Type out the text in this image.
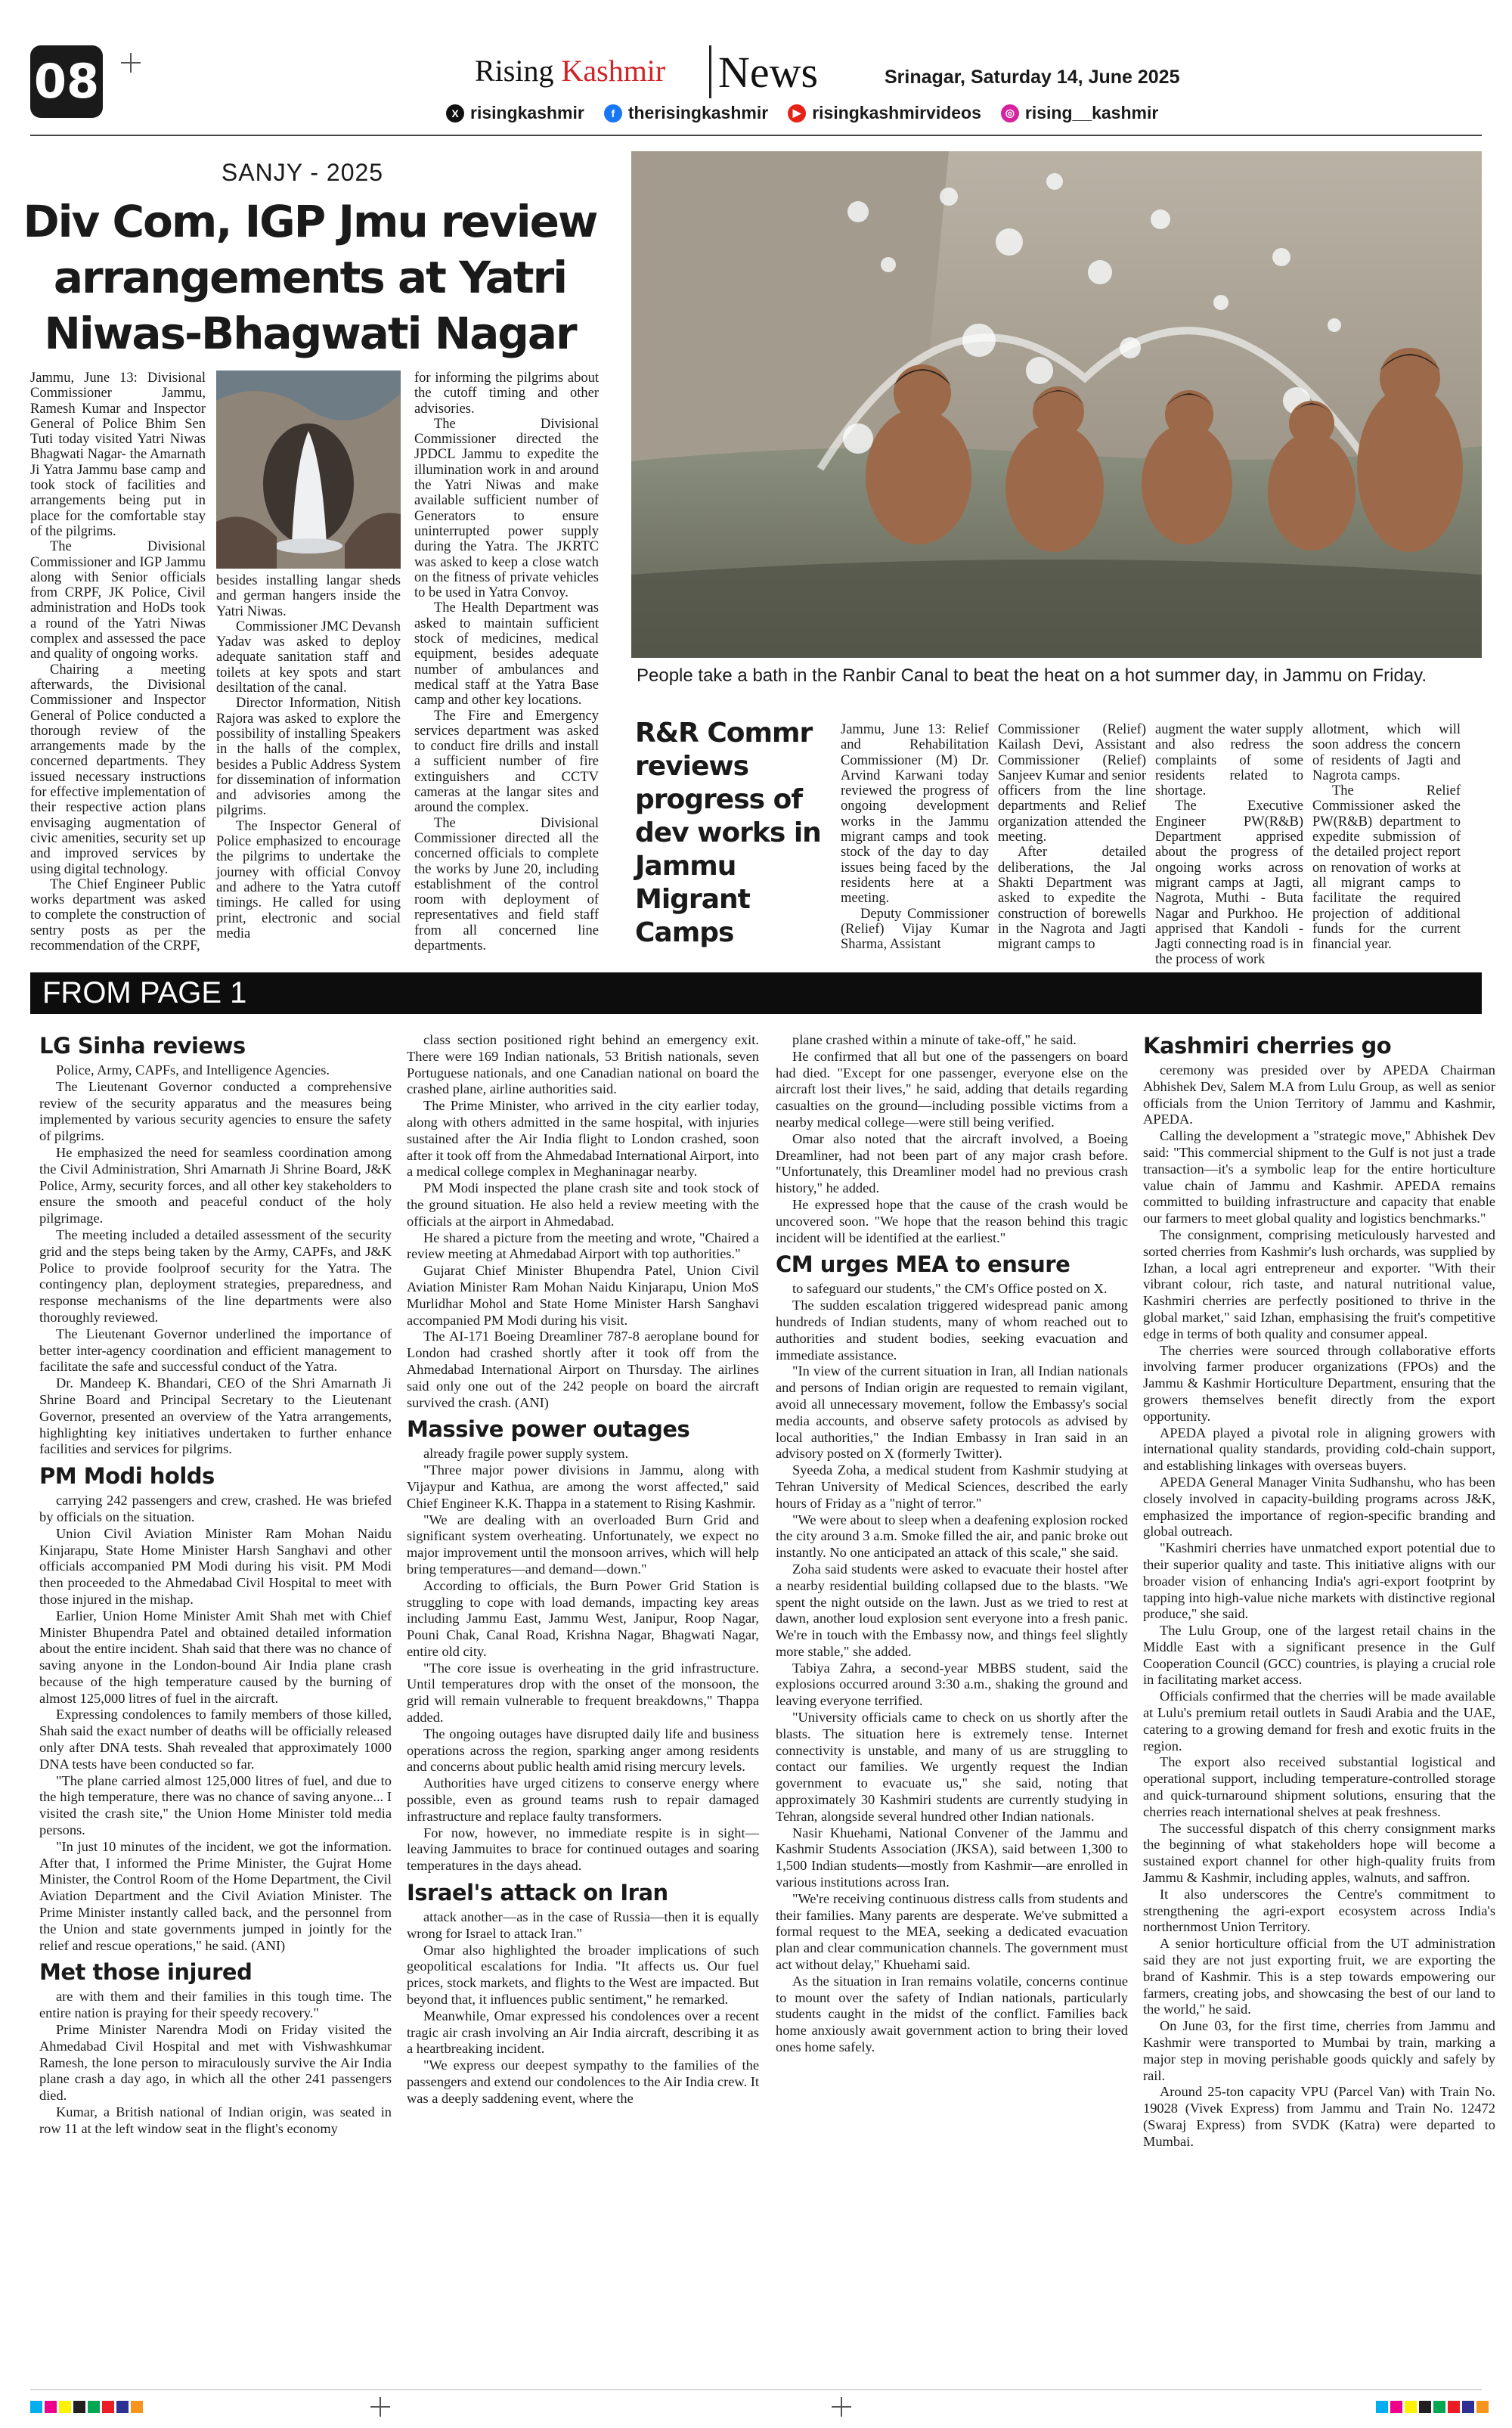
08	Rising Kashmir News	Srinagar, Saturday 14, June 2025
X risingkashmir	f therisingkashmir	▶ risingkashmirvideos	◎ rising__kashmir
SANJY - 2025
Div Com, IGP Jmu review arrangements at Yatri Niwas-Bhagwati Nagar

Jammu, June 13: Divisional Commissioner Jammu, Ramesh Kumar and Inspector General of Police Bhim Sen Tuti today visited Yatri Niwas Bhagwati Nagar- the Amarnath Ji Yatra Jammu base camp and took stock of facilities and arrangements being put in place for the comfortable stay of the pilgrims.

The Divisional Commissioner and IGP Jammu along with Senior officials from CRPF, JK Police, Civil administration and HoDs took a round of the Yatri Niwas complex and assessed the pace and quality of ongoing works.

Chairing a meeting afterwards, the Divisional Commissioner and Inspector General of Police conducted a thorough review of the arrangements made by the concerned departments. They issued necessary instructions for effective implementation of their respective action plans envisaging augmentation of civic amenities, security set up and improved services by using digital technology.

The Chief Engineer Public works department was asked to complete the construction of sentry posts as per the recommendation of the CRPF,

besides installing langar sheds and german hangers inside the Yatri Niwas.

Commissioner JMC Devansh Yadav was asked to deploy adequate sanitation staff and toilets at key spots and start desiltation of the canal.

Director Information, Nitish Rajora was asked to explore the possibility of installing Speakers in the halls of the complex, besides a Public Address System for dissemination of information and advisories among the pilgrims.

The Inspector General of Police emphasized to encourage the pilgrims to undertake the journey with official Convoy and adhere to the Yatra cutoff timings. He called for using print, electronic and social media

for informing the pilgrims about the cutoff timing and other advisories.

The Divisional Commissioner directed the JPDCL Jammu to expedite the illumination work in and around the Yatri Niwas and make available sufficient number of Generators to ensure uninterrupted power supply during the Yatra. The JKRTC was asked to keep a close watch on the fitness of private vehicles to be used in Yatra Convoy.

The Health Department was asked to maintain sufficient stock of medicines, medical equipment, besides adequate number of ambulances and medical staff at the Yatra Base camp and other key locations.

The Fire and Emergency services department was asked to conduct fire drills and install a sufficient number of fire extinguishers and CCTV cameras at the langar sites and around the complex.

The Divisional Commissioner directed all the concerned officials to complete the works by June 20, including establishment of the control room with deployment of representatives and field staff from all concerned line departments.

People take a bath in the Ranbir Canal to beat the heat on a hot summer day, in Jammu on Friday.
R&R Commr reviews progress of dev works in Jammu Migrant Camps

Jammu, June 13: Relief and Rehabilitation Commissioner (M) Dr. Arvind Karwani today reviewed the progress of ongoing development works in the Jammu migrant camps and took stock of the day to day issues being faced by the residents here at a meeting.

Deputy Commissioner (Relief) Vijay Kumar Sharma, Assistant

Commissioner (Relief) Kailash Devi, Assistant Commissioner (Relief) Sanjeev Kumar and senior officers from the line departments and Relief organization attended the meeting.

After detailed deliberations, the Jal Shakti Department was asked to expedite the construction of borewells in the Nagrota and Jagti migrant camps to

augment the water supply and also redress the complaints of some residents related to shortage.

The Executive Engineer PW(R&B) Department apprised about the progress of ongoing works across migrant camps at Jagti, Nagrota, Muthi - Buta Nagar and Purkhoo. He apprised that Kandoli - Jagti connecting road is in the process of work

allotment, which will soon address the concern of residents of Jagti and Nagrota camps.

The Relief Commissioner asked the PW(R&B) department to expedite submission of the detailed project report on renovation of works at all migrant camps to facilitate the required projection of additional funds for the current financial year.

FROM PAGE 1
LG Sinha reviews

Police, Army, CAPFs, and Intelligence Agencies.

The Lieutenant Governor conducted a comprehensive review of the security apparatus and the measures being implemented by various security agencies to ensure the safety of pilgrims.

He emphasized the need for seamless coordination among the Civil Administration, Shri Amarnath Ji Shrine Board, J&K Police, Army, security forces, and all other key stakeholders to ensure the smooth and peaceful conduct of the holy pilgrimage.

The meeting included a detailed assessment of the security grid and the steps being taken by the Army, CAPFs, and J&K Police to provide foolproof security for the Yatra. The contingency plan, deployment strategies, preparedness, and response mechanisms of the line departments were also thoroughly reviewed.

The Lieutenant Governor underlined the importance of better inter-agency coordination and efficient management to facilitate the safe and successful conduct of the Yatra.

Dr. Mandeep K. Bhandari, CEO of the Shri Amarnath Ji Shrine Board and Principal Secretary to the Lieutenant Governor, presented an overview of the Yatra arrangements, highlighting key initiatives undertaken to further enhance facilities and services for pilgrims.

PM Modi holds

carrying 242 passengers and crew, crashed. He was briefed by officials on the situation.

Union Civil Aviation Minister Ram Mohan Naidu Kinjarapu, State Home Minister Harsh Sanghavi and other officials accompanied PM Modi during his visit. PM Modi then proceeded to the Ahmedabad Civil Hospital to meet with those injured in the mishap.

Earlier, Union Home Minister Amit Shah met with Chief Minister Bhupendra Patel and obtained detailed information about the entire incident. Shah said that there was no chance of saving anyone in the London-bound Air India plane crash because of the high temperature caused by the burning of almost 125,000 litres of fuel in the aircraft.

Expressing condolences to family members of those killed, Shah said the exact number of deaths will be officially released only after DNA tests. Shah revealed that approximately 1000 DNA tests have been conducted so far.

"The plane carried almost 125,000 litres of fuel, and due to the high temperature, there was no chance of saving anyone... I visited the crash site," the Union Home Minister told media persons.

"In just 10 minutes of the incident, we got the information. After that, I informed the Prime Minister, the Gujrat Home Minister, the Control Room of the Home Department, the Civil Aviation Department and the Civil Aviation Minister. The Prime Minister instantly called back, and the personnel from the Union and state governments jumped in jointly for the relief and rescue operations," he said. (ANI)

Met those injured

are with them and their families in this tough time. The entire nation is praying for their speedy recovery."

Prime Minister Narendra Modi on Friday visited the Ahmedabad Civil Hospital and met with Vishwashkumar Ramesh, the lone person to miraculously survive the Air India plane crash a day ago, in which all the other 241 passengers died.

Kumar, a British national of Indian origin, was seated in row 11 at the left window seat in the flight's economy

class section positioned right behind an emergency exit. There were 169 Indian nationals, 53 British nationals, seven Portuguese nationals, and one Canadian national on board the crashed plane, airline authorities said.

The Prime Minister, who arrived in the city earlier today, along with others admitted in the same hospital, with injuries sustained after the Air India flight to London crashed, soon after it took off from the Ahmedabad International Airport, into a medical college complex in Meghaninagar nearby.

PM Modi inspected the plane crash site and took stock of the ground situation. He also held a review meeting with the officials at the airport in Ahmedabad.

He shared a picture from the meeting and wrote, "Chaired a review meeting at Ahmedabad Airport with top authorities."

Gujarat Chief Minister Bhupendra Patel, Union Civil Aviation Minister Ram Mohan Naidu Kinjarapu, Union MoS Murlidhar Mohol and State Home Minister Harsh Sanghavi accompanied PM Modi during his visit.

The AI-171 Boeing Dreamliner 787-8 aeroplane bound for London had crashed shortly after it took off from the Ahmedabad International Airport on Thursday. The airlines said only one out of the 242 people on board the aircraft survived the crash. (ANI)

Massive power outages

already fragile power supply system.

"Three major power divisions in Jammu, along with Vijaypur and Kathua, are among the worst affected," said Chief Engineer K.K. Thappa in a statement to Rising Kashmir.

"We are dealing with an overloaded Burn Grid and significant system overheating. Unfortunately, we expect no major improvement until the monsoon arrives, which will help bring temperatures—and demand—down."

According to officials, the Burn Power Grid Station is struggling to cope with load demands, impacting key areas including Jammu East, Jammu West, Janipur, Roop Nagar, Pouni Chak, Canal Road, Krishna Nagar, Bhagwati Nagar, entire old city.

"The core issue is overheating in the grid infrastructure. Until temperatures drop with the onset of the monsoon, the grid will remain vulnerable to frequent breakdowns," Thappa added.

The ongoing outages have disrupted daily life and business operations across the region, sparking anger among residents and concerns about public health amid rising mercury levels.

Authorities have urged citizens to conserve energy where possible, even as ground teams rush to repair damaged infrastructure and replace faulty transformers.

For now, however, no immediate respite is in sight—leaving Jammuites to brace for continued outages and soaring temperatures in the days ahead.

Israel's attack on Iran

attack another—as in the case of Russia—then it is equally wrong for Israel to attack Iran."

Omar also highlighted the broader implications of such geopolitical escalations for India. "It affects us. Our fuel prices, stock markets, and flights to the West are impacted. But beyond that, it influences public sentiment," he remarked.

Meanwhile, Omar expressed his condolences over a recent tragic air crash involving an Air India aircraft, describing it as a heartbreaking incident.

"We express our deepest sympathy to the families of the passengers and extend our condolences to the Air India crew. It was a deeply saddening event, where the

plane crashed within a minute of take-off," he said.

He confirmed that all but one of the passengers on board had died. "Except for one passenger, everyone else on the aircraft lost their lives," he said, adding that details regarding casualties on the ground—including possible victims from a nearby medical college—were still being verified.

Omar also noted that the aircraft involved, a Boeing Dreamliner, had not been part of any major crash before. "Unfortunately, this Dreamliner model had no previous crash history," he added.

He expressed hope that the cause of the crash would be uncovered soon. "We hope that the reason behind this tragic incident will be identified at the earliest."

CM urges MEA to ensure

to safeguard our students," the CM's Office posted on X.

The sudden escalation triggered widespread panic among hundreds of Indian students, many of whom reached out to authorities and student bodies, seeking evacuation and immediate assistance.

"In view of the current situation in Iran, all Indian nationals and persons of Indian origin are requested to remain vigilant, avoid all unnecessary movement, follow the Embassy's social media accounts, and observe safety protocols as advised by local authorities," the Indian Embassy in Iran said in an advisory posted on X (formerly Twitter).

Syeeda Zoha, a medical student from Kashmir studying at Tehran University of Medical Sciences, described the early hours of Friday as a "night of terror."

"We were about to sleep when a deafening explosion rocked the city around 3 a.m. Smoke filled the air, and panic broke out instantly. No one anticipated an attack of this scale," she said.

Zoha said students were asked to evacuate their hostel after a nearby residential building collapsed due to the blasts. "We spent the night outside on the lawn. Just as we tried to rest at dawn, another loud explosion sent everyone into a fresh panic. We're in touch with the Embassy now, and things feel slightly more stable," she added.

Tabiya Zahra, a second-year MBBS student, said the explosions occurred around 3:30 a.m., shaking the ground and leaving everyone terrified.

"University officials came to check on us shortly after the blasts. The situation here is extremely tense. Internet connectivity is unstable, and many of us are struggling to contact our families. We urgently request the Indian government to evacuate us," she said, noting that approximately 30 Kashmiri students are currently studying in Tehran, alongside several hundred other Indian nationals.

Nasir Khuehami, National Convener of the Jammu and Kashmir Students Association (JKSA), said between 1,300 to 1,500 Indian students—mostly from Kashmir—are enrolled in various institutions across Iran.

"We're receiving continuous distress calls from students and their families. Many parents are desperate. We've submitted a formal request to the MEA, seeking a dedicated evacuation plan and clear communication channels. The government must act without delay," Khuehami said.

As the situation in Iran remains volatile, concerns continue to mount over the safety of Indian nationals, particularly students caught in the midst of the conflict. Families back home anxiously await government action to bring their loved ones home safely.

Kashmiri cherries go

ceremony was presided over by APEDA Chairman Abhishek Dev, Salem M.A from Lulu Group, as well as senior officials from the Union Territory of Jammu and Kashmir, APEDA.

Calling the development a "strategic move," Abhishek Dev said: "This commercial shipment to the Gulf is not just a trade transaction—it's a symbolic leap for the entire horticulture value chain of Jammu and Kashmir. APEDA remains committed to building infrastructure and capacity that enable our farmers to meet global quality and logistics benchmarks."

The consignment, comprising meticulously harvested and sorted cherries from Kashmir's lush orchards, was supplied by Izhan, a local agri entrepreneur and exporter. "With their vibrant colour, rich taste, and natural nutritional value, Kashmiri cherries are perfectly positioned to thrive in the global market," said Izhan, emphasising the fruit's competitive edge in terms of both quality and consumer appeal.

The cherries were sourced through collaborative efforts involving farmer producer organizations (FPOs) and the Jammu & Kashmir Horticulture Department, ensuring that the growers themselves benefit directly from the export opportunity.

APEDA played a pivotal role in aligning growers with international quality standards, providing cold-chain support, and establishing linkages with overseas buyers.

APEDA General Manager Vinita Sudhanshu, who has been closely involved in capacity-building programs across J&K, emphasized the importance of region-specific branding and global outreach.

"Kashmiri cherries have unmatched export potential due to their superior quality and taste. This initiative aligns with our broader vision of enhancing India's agri-export footprint by tapping into high-value niche markets with distinctive regional produce," she said.

The Lulu Group, one of the largest retail chains in the Middle East with a significant presence in the Gulf Cooperation Council (GCC) countries, is playing a crucial role in facilitating market access.

Officials confirmed that the cherries will be made available at Lulu's premium retail outlets in Saudi Arabia and the UAE, catering to a growing demand for fresh and exotic fruits in the region.

The export also received substantial logistical and operational support, including temperature-controlled storage and quick-turnaround shipment solutions, ensuring that the cherries reach international shelves at peak freshness.

The successful dispatch of this cherry consignment marks the beginning of what stakeholders hope will become a sustained export channel for other high-quality fruits from Jammu & Kashmir, including apples, walnuts, and saffron.

It also underscores the Centre's commitment to strengthening the agri-export ecosystem across India's northernmost Union Territory.

A senior horticulture official from the UT administration said they are not just exporting fruit, we are exporting the brand of Kashmir. This is a step towards empowering our farmers, creating jobs, and showcasing the best of our land to the world," he said.

On June 03, for the first time, cherries from Jammu and Kashmir were transported to Mumbai by train, marking a major step in moving perishable goods quickly and safely by rail.

Around 25-ton capacity VPU (Parcel Van) with Train No. 19028 (Vivek Express) from Jammu and Train No. 12472 (Swaraj Express) from SVDK (Katra) were departed to Mumbai.
